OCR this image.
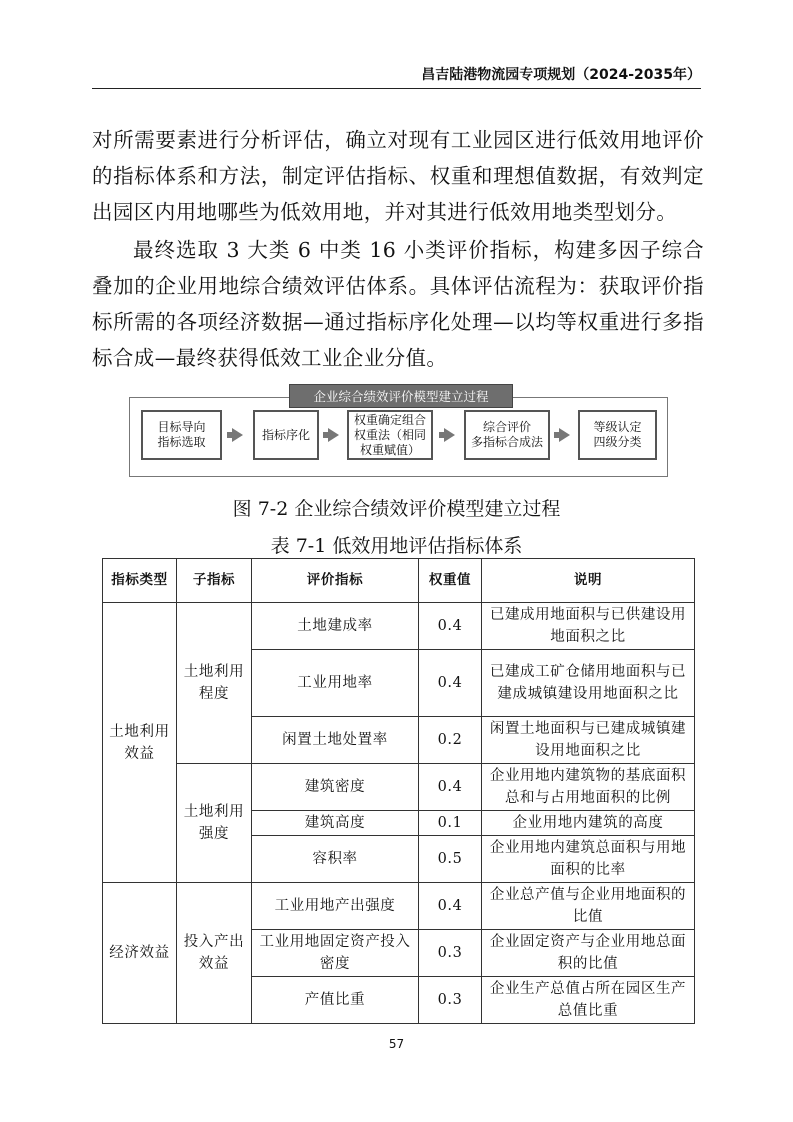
昌吉陆港物流园专项规划（2024-2035年）
对所需要素进行分析评估，确立对现有工业园区进行低效用地评价的指标体系和方法，制定评估指标、权重和理想值数据，有效判定出园区内用地哪些为低效用地，并对其进行低效用地类型划分。
最终选取 3 大类 6 中类 16 小类评价指标，构建多因子综合叠加的企业用地综合绩效评估体系。具体评估流程为：获取评价指标所需的各项经济数据—通过指标序化处理—以均等权重进行多指标合成—最终获得低效工业企业分值。
企业综合绩效评价模型建立过程
目标导向
指标选取
指标序化
权重确定组合
权重法（相同
权重赋值）
综合评价
多指标合成法
等级认定
四级分类
图 7-2 企业综合绩效评价模型建立过程
表 7-1 低效用地评估指标体系
指标类型	子指标	评价指标	权重值	说明
土地利用效益	土地利用程度	土地建成率	0.4	已建成用地面积与已供建设用地面积之比
		工业用地率	0.4	已建成工矿仓储用地面积与已建成城镇建设用地面积之比
		闲置土地处置率	0.2	闲置土地面积与已建成城镇建设用地面积之比
	土地利用强度	建筑密度	0.4	企业用地内建筑物的基底面积总和与占用地面积的比例
		建筑高度	0.1	企业用地内建筑的高度
		容积率	0.5	企业用地内建筑总面积与用地面积的比率
经济效益	投入产出效益	工业用地产出强度	0.4	企业总产值与企业用地面积的比值
		工业用地固定资产投入密度	0.3	企业固定资产与企业用地总面积的比值
		产值比重	0.3	企业生产总值占所在园区生产总值比重
57
